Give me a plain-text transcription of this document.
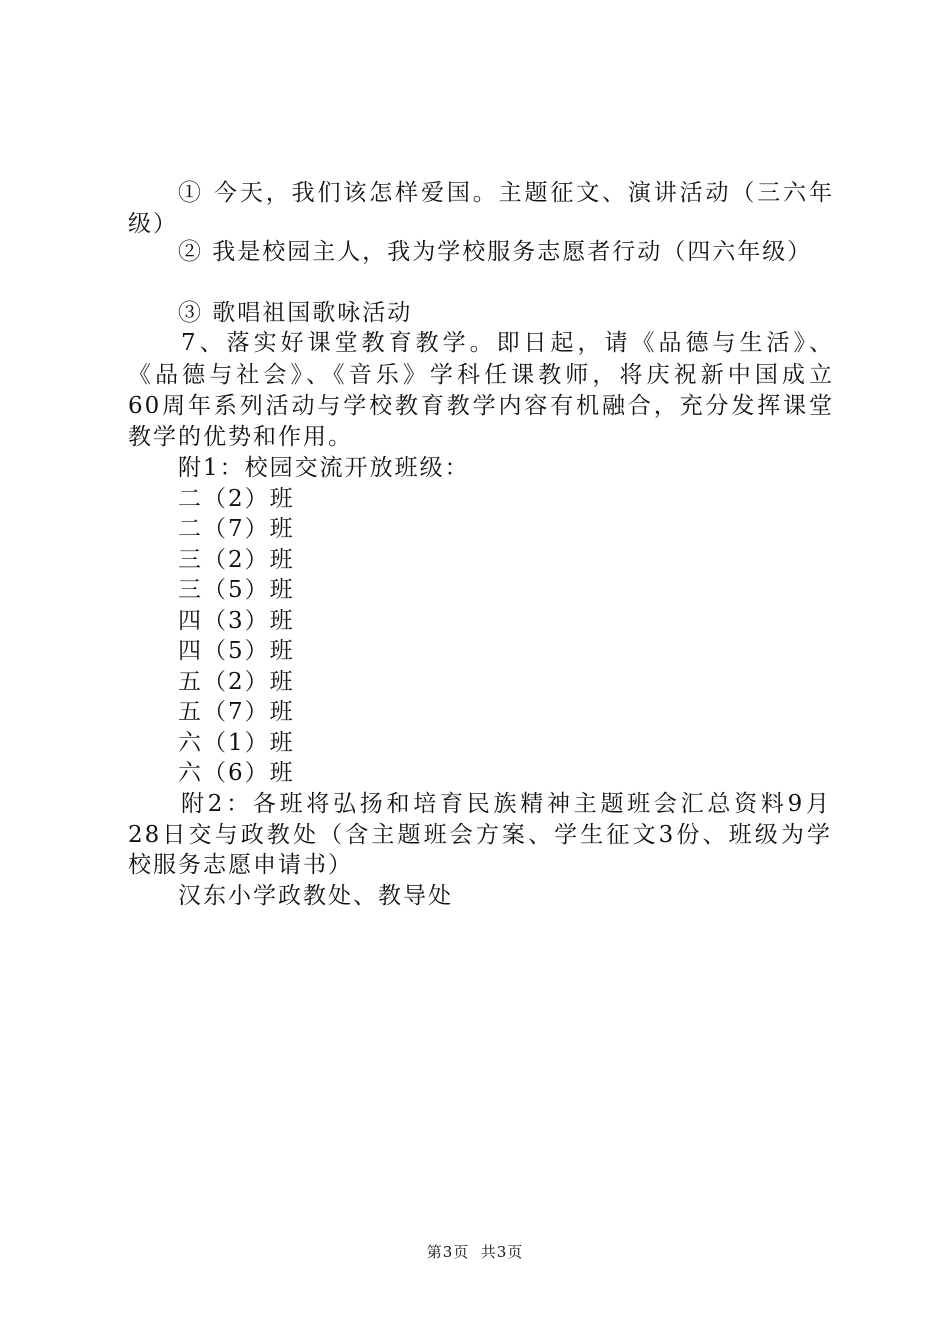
① 今天，我们该怎样爱国。主题征文、演讲活动（三六年
级）
② 我是校园主人，我为学校服务志愿者行动（四六年级）
③ 歌唱祖国歌咏活动
7、落实好课堂教育教学。即日起，请《品德与生活》、
《品德与社会》、《音乐》学科任课教师，将庆祝新中国成立
60周年系列活动与学校教育教学内容有机融合，充分发挥课堂
教学的优势和作用。
附1：校园交流开放班级：
二（2）班
二（7）班
三（2）班
三（5）班
四（3）班
四（5）班
五（2）班
五（7）班
六（1）班
六（6）班
附2：各班将弘扬和培育民族精神主题班会汇总资料9月
28日交与政教处（含主题班会方案、学生征文3份、班级为学
校服务志愿申请书）
汉东小学政教处、教导处
第3页  共3页
